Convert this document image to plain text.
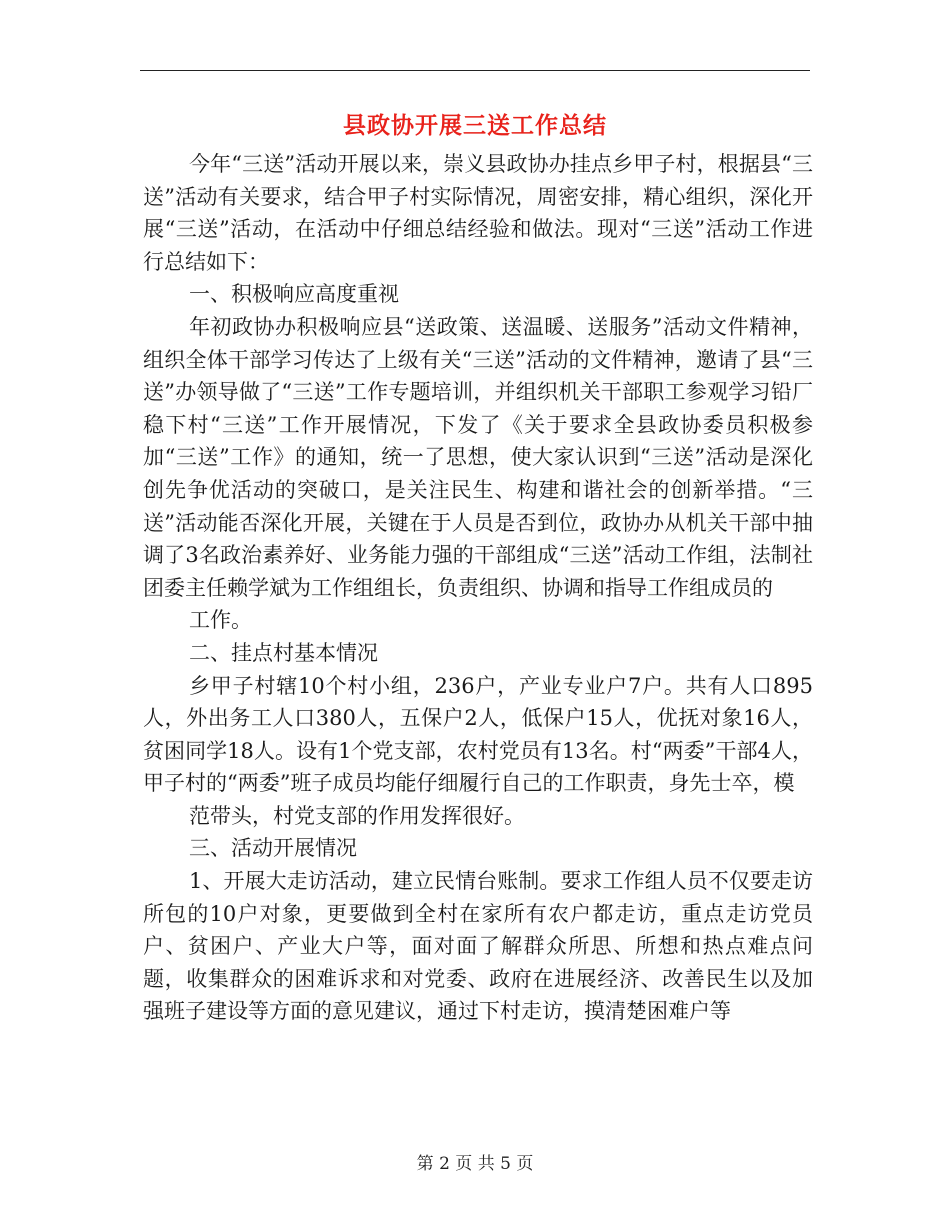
县政协开展三送工作总结

今年“三送”活动开展以来，崇义县政协办挂点乡甲子村，根据县“三送”活动有关要求，结合甲子村实际情况，周密安排，精心组织，深化开展“三送”活动，在活动中仔细总结经验和做法。现对“三送”活动工作进行总结如下：

一、积极响应高度重视

年初政协办积极响应县“送政策、送温暖、送服务”活动文件精神，组织全体干部学习传达了上级有关“三送”活动的文件精神，邀请了县“三送”办领导做了“三送”工作专题培训，并组织机关干部职工参观学习铅厂稳下村“三送”工作开展情况，下发了《关于要求全县政协委员积极参加“三送”工作》的通知，统一了思想，使大家认识到“三送”活动是深化创先争优活动的突破口，是关注民生、构建和谐社会的创新举措。“三送”活动能否深化开展，关键在于人员是否到位，政协办从机关干部中抽调了3名政治素养好、业务能力强的干部组成“三送”活动工作组，法制社团委主任赖学斌为工作组组长，负责组织、协调和指导工作组成员的

工作。

二、挂点村基本情况

乡甲子村辖10个村小组，236户，产业专业户7户。共有人口895人，外出务工人口380人，五保户2人，低保户15人，优抚对象16人，贫困同学18人。设有1个党支部，农村党员有13名。村“两委”干部4人，甲子村的“两委”班子成员均能仔细履行自己的工作职责，身先士卒，模

范带头，村党支部的作用发挥很好。

三、活动开展情况

1、开展大走访活动，建立民情台账制。要求工作组人员不仅要走访所包的10户对象，更要做到全村在家所有农户都走访，重点走访党员户、贫困户、产业大户等，面对面了解群众所思、所想和热点难点问题，收集群众的困难诉求和对党委、政府在进展经济、改善民生以及加强班子建设等方面的意见建议，通过下村走访，摸清楚困难户等

第 2 页 共 5 页
